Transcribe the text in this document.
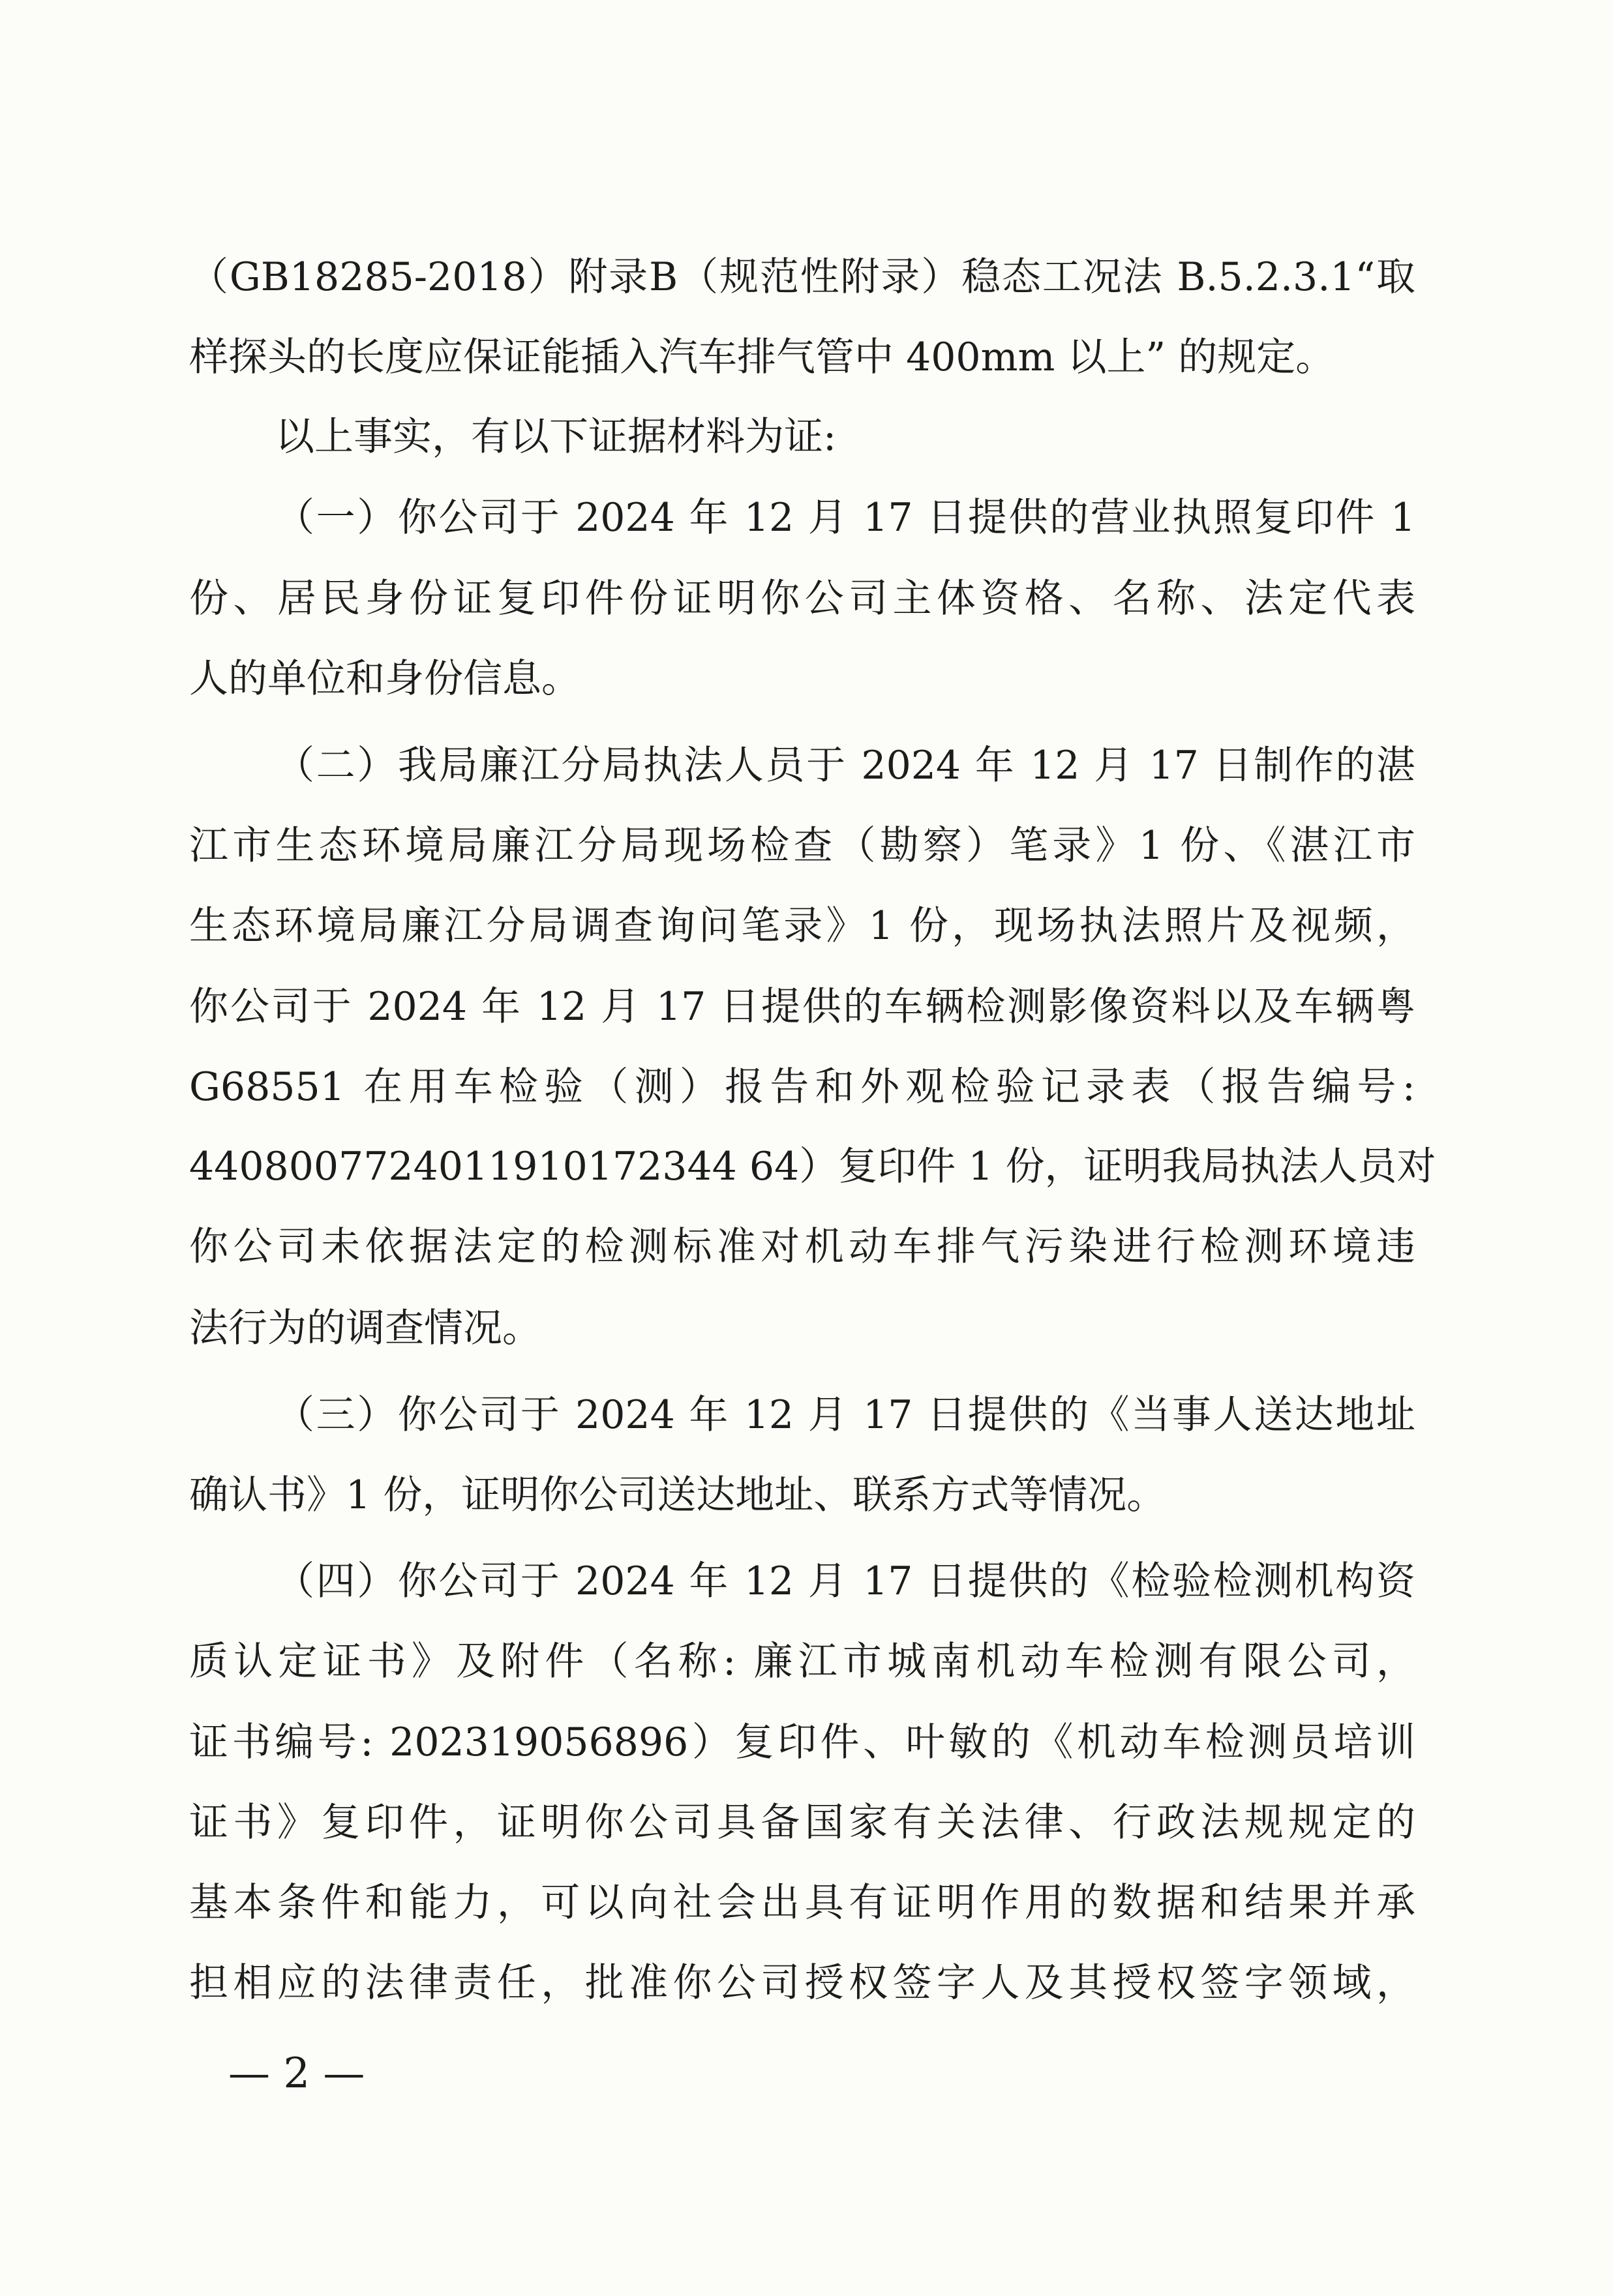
（GB18285-2018）附录B（规范性附录）稳态工况法 B.5.2.3.1“取
样探头的长度应保证能插入汽车排气管中 400mm 以上” 的规定。
以上事实，有以下证据材料为证:
（一）你公司于 2024 年 12 月 17 日提供的营业执照复印件 1
份、居民身份证复印件份证明你公司主体资格、名称、法定代表
人的单位和身份信息。
（二）我局廉江分局执法人员于 2024 年 12 月 17 日制作的湛
江市生态环境局廉江分局现场检查（勘察）笔录》1 份、《湛江市
生态环境局廉江分局调查询问笔录》1 份，现场执法照片及视频，
你公司于 2024 年 12 月 17 日提供的车辆检测影像资料以及车辆粤
G68551 在用车检验（测）报告和外观检验记录表（报告编号:
4408007724011910172344 64）复印件 1 份，证明我局执法人员对
你公司未依据法定的检测标准对机动车排气污染进行检测环境违
法行为的调查情况。
（三）你公司于 2024 年 12 月 17 日提供的《当事人送达地址
确认书》1 份，证明你公司送达地址、联系方式等情况。
（四）你公司于 2024 年 12 月 17 日提供的《检验检测机构资
质认定证书》及附件（名称: 廉江市城南机动车检测有限公司，
证书编号: 202319056896）复印件、叶敏的《机动车检测员培训
证书》复印件，证明你公司具备国家有关法律、行政法规规定的
基本条件和能力，可以向社会出具有证明作用的数据和结果并承
担相应的法律责任，批准你公司授权签字人及其授权签字领域，
— 2 —
